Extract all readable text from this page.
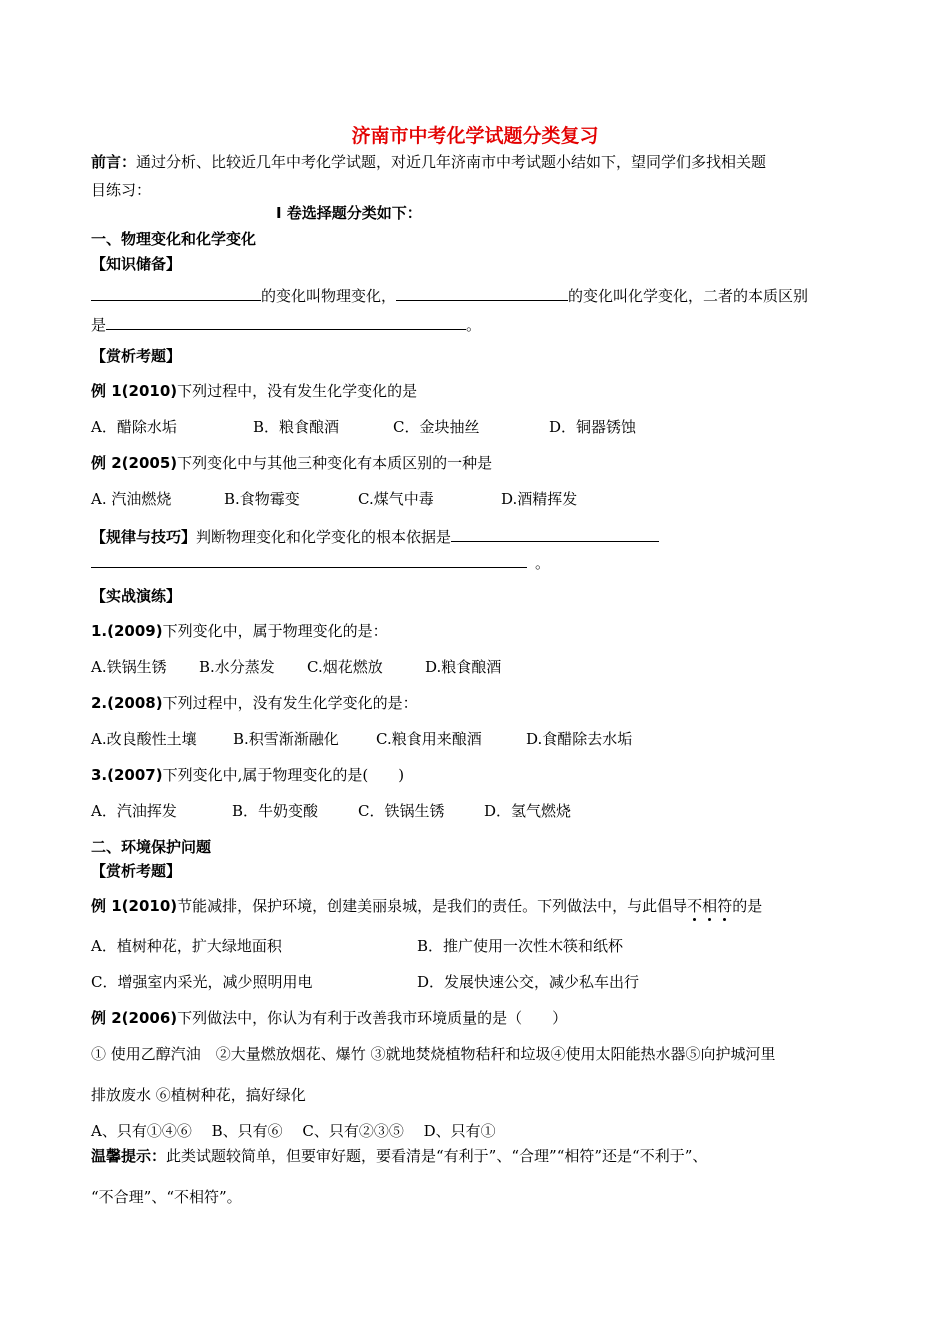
济南市中考化学试题分类复习
前言：通过分析、比较近几年中考化学试题，对近几年济南市中考试题小结如下，望同学们多找相关题
目练习：
Ⅰ 卷选择题分类如下：
一、物理变化和化学变化
【知识储备】
的变化叫物理变化，	的变化叫化学变化，二者的本质区别
是	。
【赏析考题】
例 1(2010)下列过程中，没有发生化学变化的是
A．醋除水垢	B．粮食酿酒	C．金块抽丝	D．铜器锈蚀
例 2(2005)下列变化中与其他三种变化有本质区别的一种是
A. 汽油燃烧	B.食物霉变	C.煤气中毒	D.酒精挥发
【规律与技巧】判断物理变化和化学变化的根本依据是
。
【实战演练】
1.(2009)下列变化中，属于物理变化的是：
A.铁锅生锈 B.水分蒸发 C.烟花燃放	D.粮食酿酒
2.(2008)下列过程中，没有发生化学变化的是：
A.改良酸性土壤 B.积雪渐渐融化 C.粮食用来酿酒	D.食醋除去水垢
3.(2007)下列变化中,属于物理变化的是(　　)
A．汽油挥发	B．牛奶变酸	C．铁锅生锈	D．氢气燃烧
二、环境保护问题
【赏析考题】
例 1(2010)节能减排，保护环境，创建美丽泉城，是我们的责任。下列做法中，与此倡导不相符的是
A．植树种花，扩大绿地面积	B．推广使用一次性木筷和纸杯
C．增强室内采光，减少照明用电	D．发展快速公交，减少私车出行
例 2(2006)下列做法中，你认为有利于改善我市环境质量的是（　　）
① 使用乙醇汽油　②大量燃放烟花、爆竹 ③就地焚烧植物秸秆和垃圾④使用太阳能热水器⑤向护城河里
排放废水 ⑥植树种花，搞好绿化
A、只有①④⑥　 B、只有⑥　 C、只有②③⑤　 D、只有①
温馨提示：此类试题较简单，但要审好题，要看清是“有利于”、“合理”“相符”还是“不利于”、
“不合理”、“不相符”。
